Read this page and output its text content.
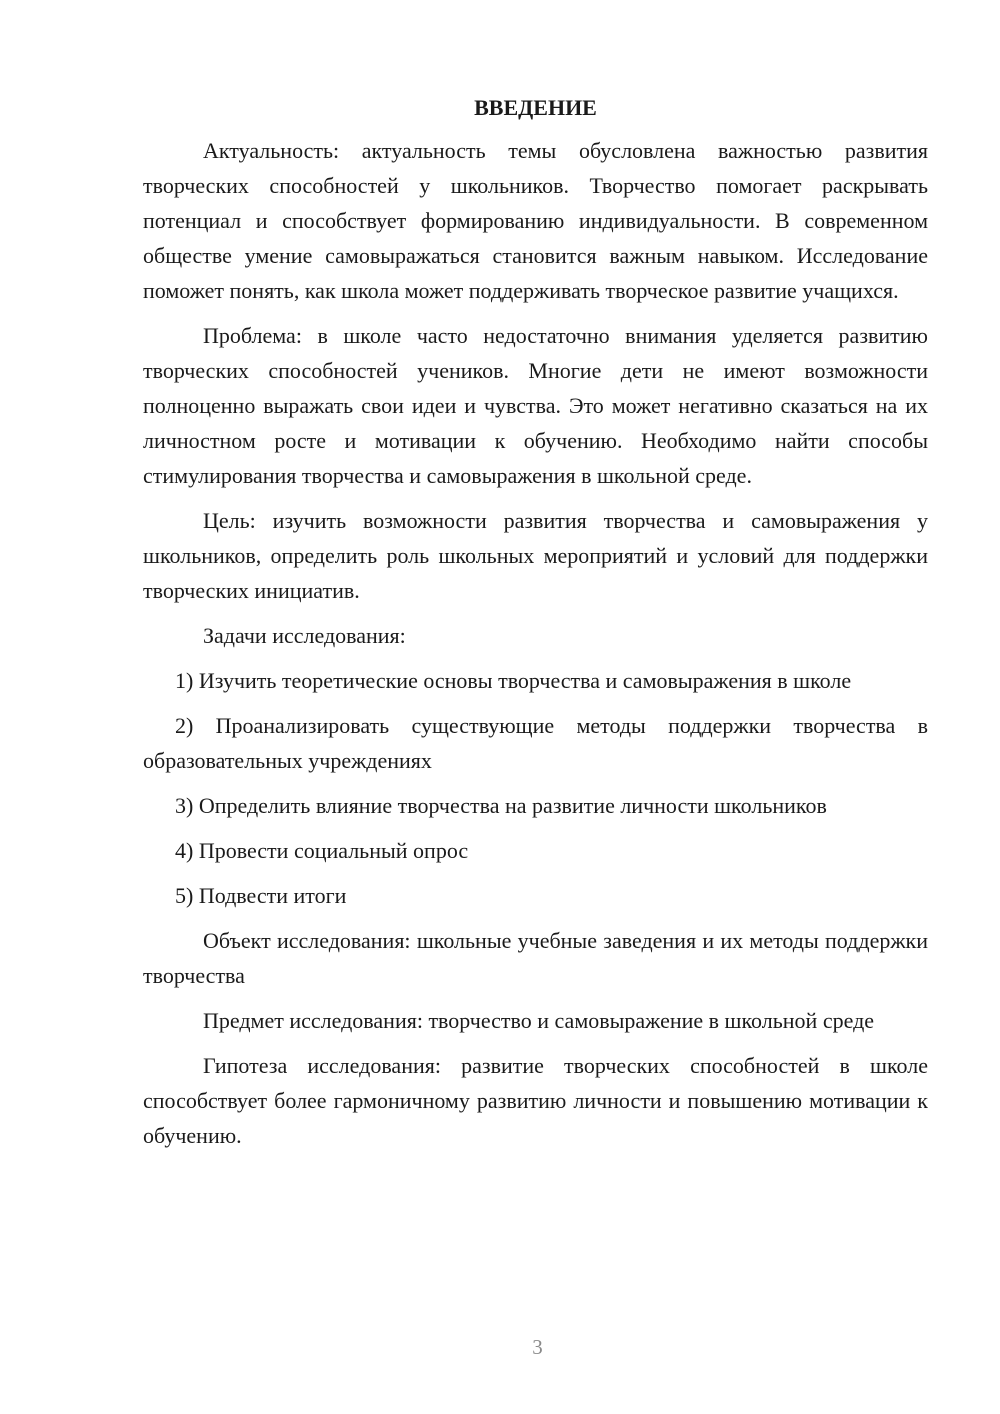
ВВЕДЕНИЕ

Актуальность: актуальность темы обусловлена важностью развития творческих способностей у школьников. Творчество помогает раскрывать потенциал и способствует формированию индивидуальности. В современном обществе умение самовыражаться становится важным навыком. Исследование поможет понять, как школа может поддерживать творческое развитие учащихся.

Проблема: в школе часто недостаточно внимания уделяется развитию творческих способностей учеников. Многие дети не имеют возможности полноценно выражать свои идеи и чувства. Это может негативно сказаться на их личностном росте и мотивации к обучению. Необходимо найти способы стимулирования творчества и самовыражения в школьной среде.

Цель: изучить возможности развития творчества и самовыражения у школьников, определить роль школьных мероприятий и условий для поддержки творческих инициатив.

Задачи исследования:

1) Изучить теоретические основы творчества и самовыражения в школе

2) Проанализировать существующие методы поддержки творчества в образовательных учреждениях

3) Определить влияние творчества на развитие личности школьников

4) Провести социальный опрос

5) Подвести итоги

Объект исследования: школьные учебные заведения и их методы поддержки творчества

Предмет исследования: творчество и самовыражение в школьной среде

Гипотеза исследования: развитие творческих способностей в школе способствует более гармоничному развитию личности и повышению мотивации к обучению.

3
